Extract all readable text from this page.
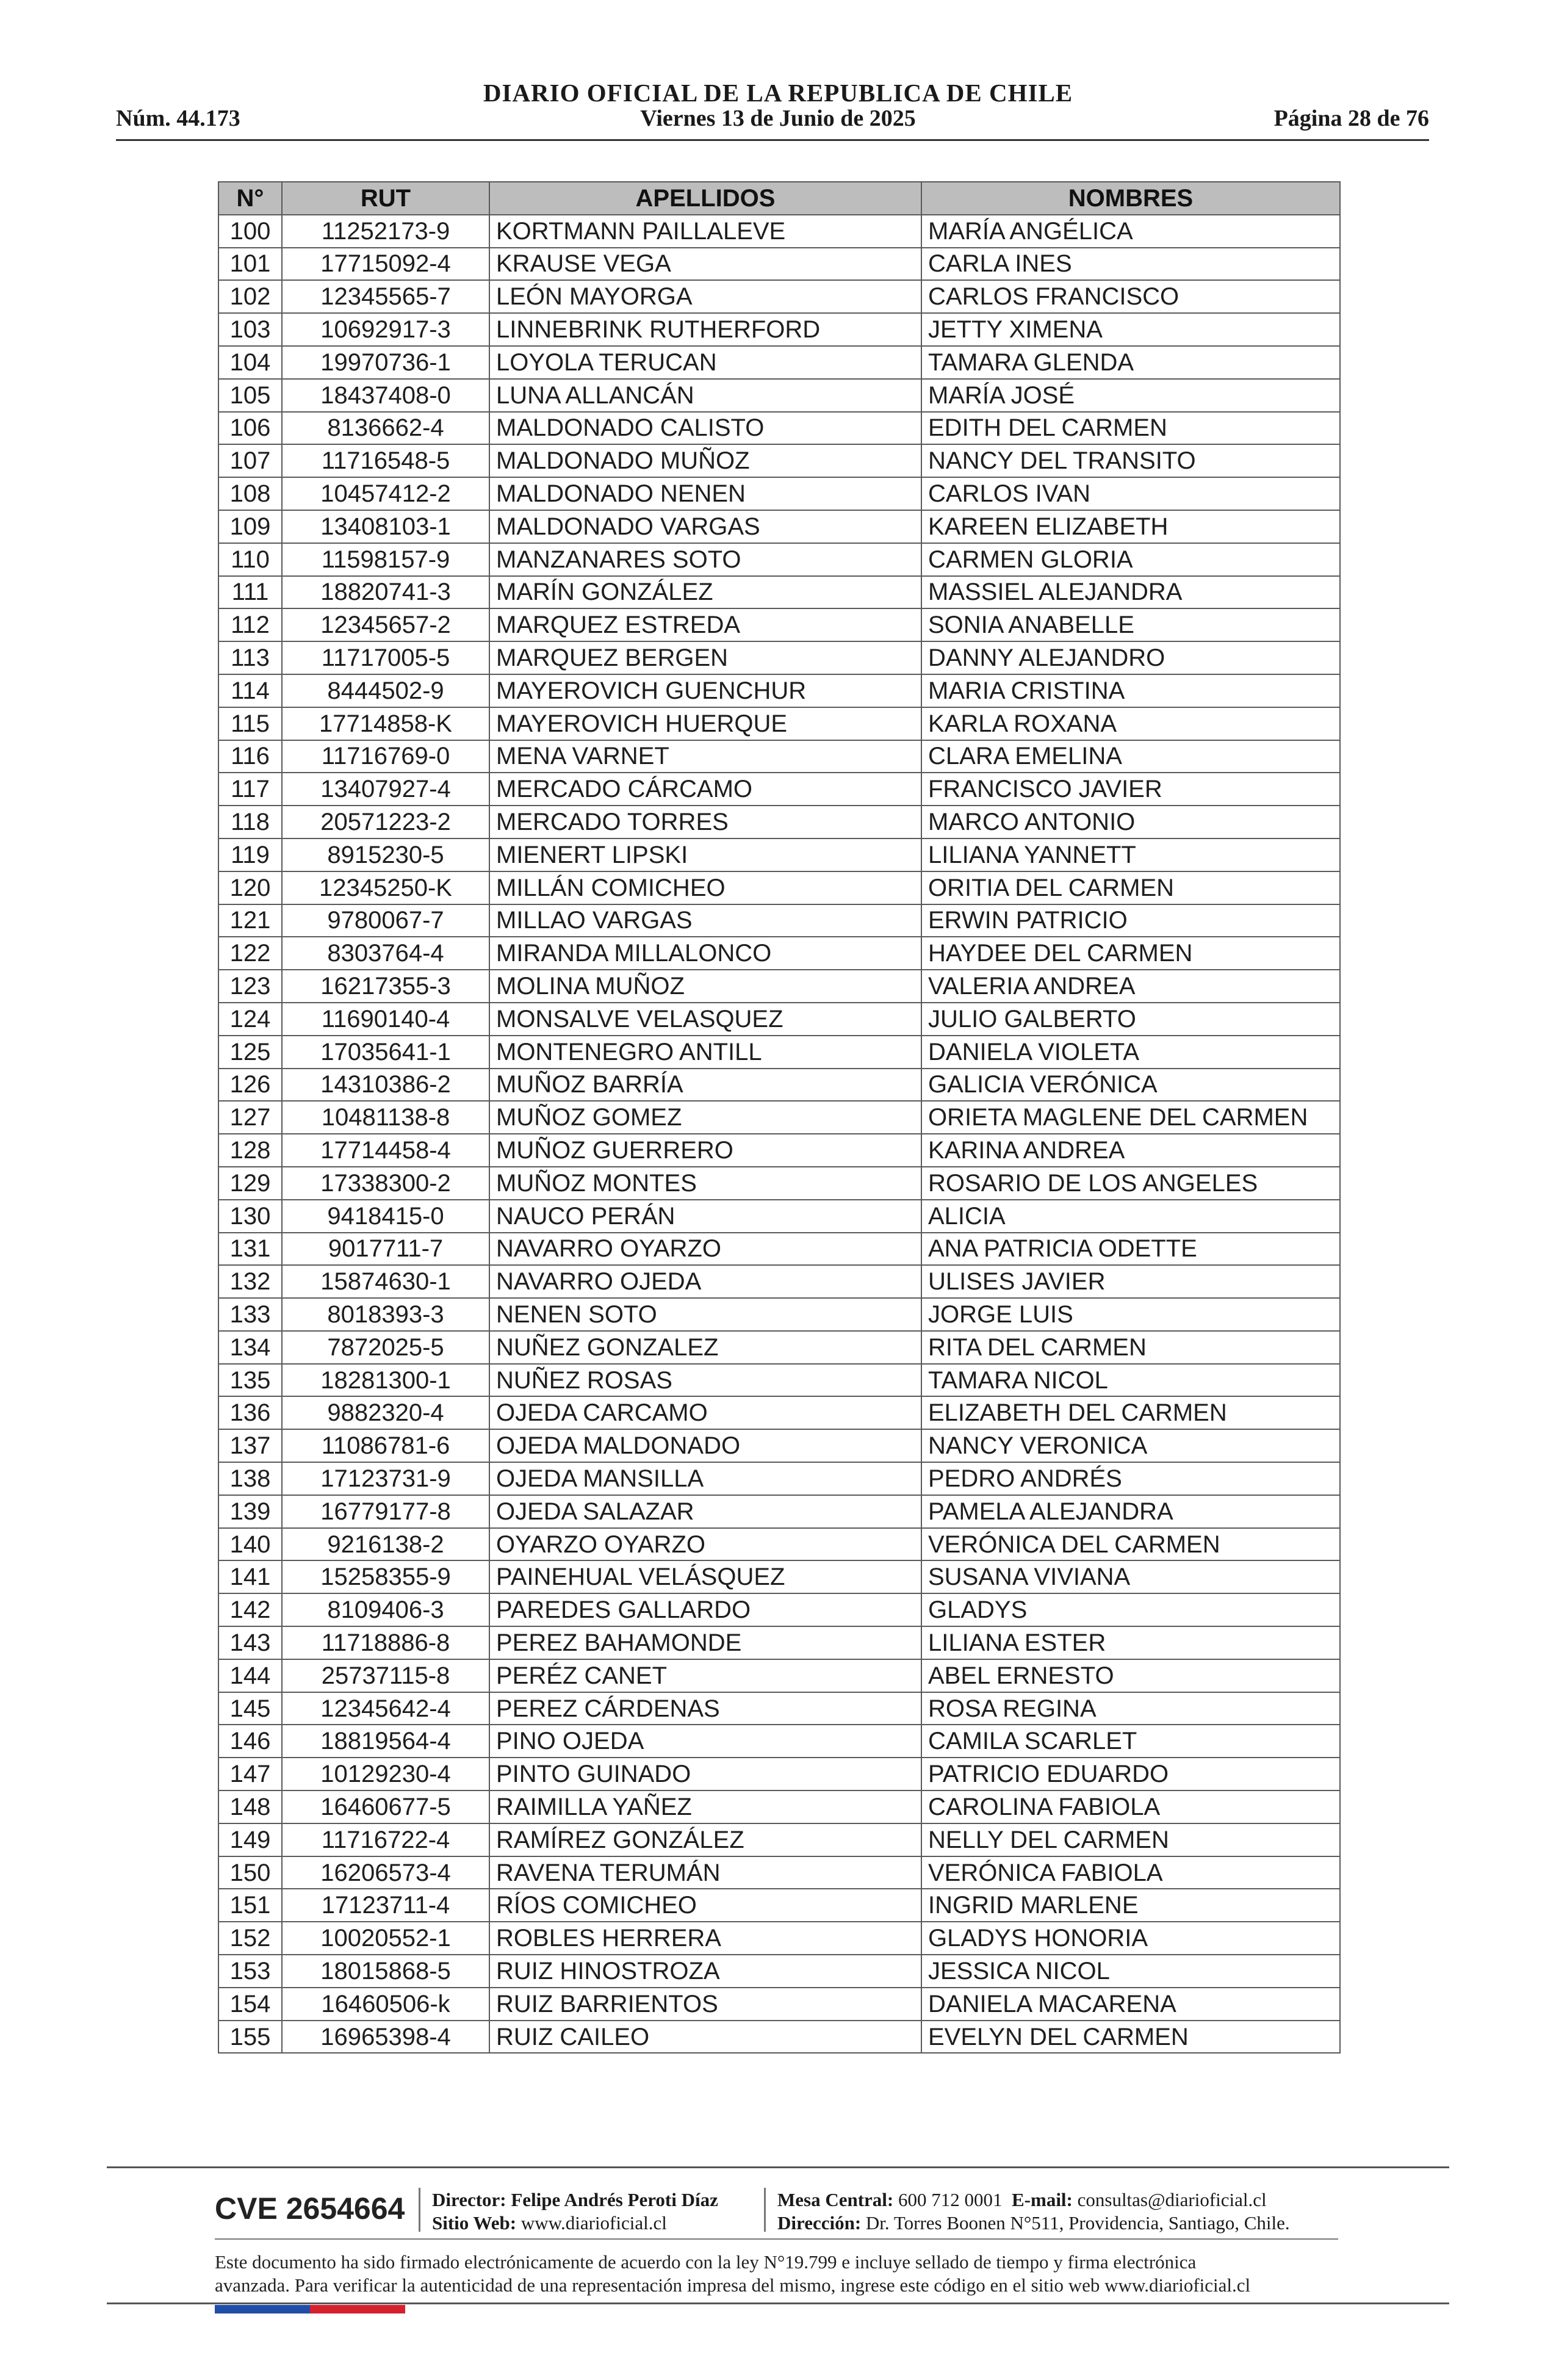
DIARIO OFICIAL DE LA REPUBLICA DE CHILE
Núm. 44.173	Viernes 13 de Junio de 2025	Página 28 de 76
N°	RUT	APELLIDOS	NOMBRES
100	11252173-9	KORTMANN PAILLALEVE	MARÍA ANGÉLICA
101	17715092-4	KRAUSE VEGA	CARLA INES
102	12345565-7	LEÓN MAYORGA	CARLOS FRANCISCO
103	10692917-3	LINNEBRINK RUTHERFORD	JETTY XIMENA
104	19970736-1	LOYOLA TERUCAN	TAMARA GLENDA
105	18437408-0	LUNA ALLANCÁN	MARÍA JOSÉ
106	8136662-4	MALDONADO CALISTO	EDITH DEL CARMEN
107	11716548-5	MALDONADO MUÑOZ	NANCY DEL TRANSITO
108	10457412-2	MALDONADO NENEN	CARLOS IVAN
109	13408103-1	MALDONADO VARGAS	KAREEN ELIZABETH
110	11598157-9	MANZANARES SOTO	CARMEN GLORIA
111	18820741-3	MARÍN GONZÁLEZ	MASSIEL ALEJANDRA
112	12345657-2	MARQUEZ ESTREDA	SONIA ANABELLE
113	11717005-5	MARQUEZ BERGEN	DANNY ALEJANDRO
114	8444502-9	MAYEROVICH GUENCHUR	MARIA CRISTINA
115	17714858-K	MAYEROVICH HUERQUE	KARLA ROXANA
116	11716769-0	MENA VARNET	CLARA EMELINA
117	13407927-4	MERCADO CÁRCAMO	FRANCISCO JAVIER
118	20571223-2	MERCADO TORRES	MARCO ANTONIO
119	8915230-5	MIENERT LIPSKI	LILIANA YANNETT
120	12345250-K	MILLÁN COMICHEO	ORITIA DEL CARMEN
121	9780067-7	MILLAO VARGAS	ERWIN PATRICIO
122	8303764-4	MIRANDA MILLALONCO	HAYDEE DEL CARMEN
123	16217355-3	MOLINA MUÑOZ	VALERIA ANDREA
124	11690140-4	MONSALVE VELASQUEZ	JULIO GALBERTO
125	17035641-1	MONTENEGRO ANTILL	DANIELA VIOLETA
126	14310386-2	MUÑOZ BARRÍA	GALICIA VERÓNICA
127	10481138-8	MUÑOZ GOMEZ	ORIETA MAGLENE DEL CARMEN
128	17714458-4	MUÑOZ GUERRERO	KARINA ANDREA
129	17338300-2	MUÑOZ MONTES	ROSARIO DE LOS ANGELES
130	9418415-0	NAUCO PERÁN	ALICIA
131	9017711-7	NAVARRO OYARZO	ANA PATRICIA ODETTE
132	15874630-1	NAVARRO OJEDA	ULISES JAVIER
133	8018393-3	NENEN SOTO	JORGE LUIS
134	7872025-5	NUÑEZ GONZALEZ	RITA DEL CARMEN
135	18281300-1	NUÑEZ ROSAS	TAMARA NICOL
136	9882320-4	OJEDA CARCAMO	ELIZABETH DEL CARMEN
137	11086781-6	OJEDA MALDONADO	NANCY VERONICA
138	17123731-9	OJEDA MANSILLA	PEDRO ANDRÉS
139	16779177-8	OJEDA SALAZAR	PAMELA ALEJANDRA
140	9216138-2	OYARZO OYARZO	VERÓNICA DEL CARMEN
141	15258355-9	PAINEHUAL VELÁSQUEZ	SUSANA VIVIANA
142	8109406-3	PAREDES GALLARDO	GLADYS
143	11718886-8	PEREZ BAHAMONDE	LILIANA ESTER
144	25737115-8	PERÉZ CANET	ABEL ERNESTO
145	12345642-4	PEREZ CÁRDENAS	ROSA REGINA
146	18819564-4	PINO OJEDA	CAMILA SCARLET
147	10129230-4	PINTO GUINADO	PATRICIO EDUARDO
148	16460677-5	RAIMILLA YAÑEZ	CAROLINA FABIOLA
149	11716722-4	RAMÍREZ GONZÁLEZ	NELLY DEL CARMEN
150	16206573-4	RAVENA TERUMÁN	VERÓNICA FABIOLA
151	17123711-4	RÍOS COMICHEO	INGRID MARLENE
152	10020552-1	ROBLES HERRERA	GLADYS HONORIA
153	18015868-5	RUIZ HINOSTROZA	JESSICA NICOL
154	16460506-k	RUIZ BARRIENTOS	DANIELA MACARENA
155	16965398-4	RUIZ CAILEO	EVELYN DEL CARMEN
CVE 2654664 Director: Felipe Andrés Peroti Díaz
Sitio Web: www.diarioficial.cl
Mesa Central: 600 712 0001 E-mail: consultas@diarioficial.cl
Dirección: Dr. Torres Boonen N°511, Providencia, Santiago, Chile.
Este documento ha sido firmado electrónicamente de acuerdo con la ley N°19.799 e incluye sellado de tiempo y firma electrónica
avanzada. Para verificar la autenticidad de una representación impresa del mismo, ingrese este código en el sitio web www.diarioficial.cl
